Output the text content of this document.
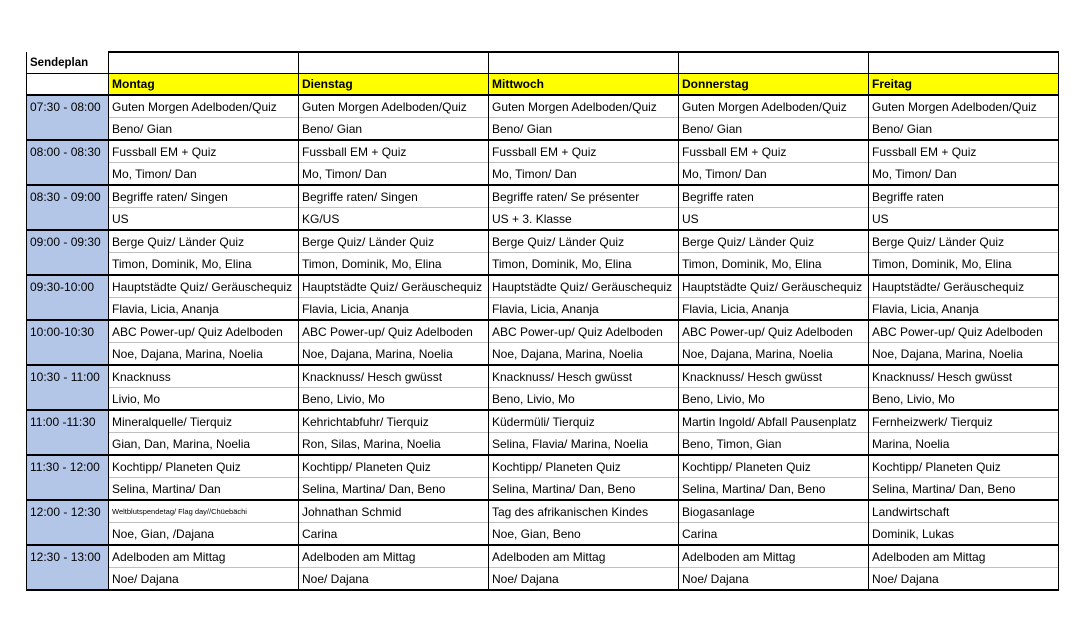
Sendeplan					
	Montag	Dienstag	Mittwoch	Donnerstag	Freitag
07:30 - 08:00	Guten Morgen Adelboden/Quiz	Guten Morgen Adelboden/Quiz	Guten Morgen Adelboden/Quiz	Guten Morgen Adelboden/Quiz	Guten Morgen Adelboden/Quiz
	Beno/ Gian	Beno/ Gian	Beno/ Gian	Beno/ Gian	Beno/ Gian
08:00 - 08:30	Fussball EM + Quiz	Fussball EM + Quiz	Fussball EM + Quiz	Fussball EM + Quiz	Fussball EM + Quiz
	Mo, Timon/ Dan	Mo, Timon/ Dan	Mo, Timon/ Dan	Mo, Timon/ Dan	Mo, Timon/ Dan
08:30 - 09:00	Begriffe raten/ Singen	Begriffe raten/ Singen	Begriffe raten/ Se présenter	Begriffe raten	Begriffe raten
	US	KG/US	US + 3. Klasse	US	US
09:00 - 09:30	Berge Quiz/ Länder Quiz	Berge Quiz/ Länder Quiz	Berge Quiz/ Länder Quiz	Berge Quiz/ Länder Quiz	Berge Quiz/ Länder Quiz
	Timon, Dominik, Mo, Elina	Timon, Dominik, Mo, Elina	Timon, Dominik, Mo, Elina	Timon, Dominik, Mo, Elina	Timon, Dominik, Mo, Elina
09:30-10:00	Hauptstädte Quiz/ Geräuschequiz	Hauptstädte Quiz/ Geräuschequiz	Hauptstädte Quiz/ Geräuschequiz	Hauptstädte Quiz/ Geräuschequiz	Hauptstädte/ Geräuschequiz
	Flavia, Licia, Ananja	Flavia, Licia, Ananja	Flavia, Licia, Ananja	Flavia, Licia, Ananja	Flavia, Licia, Ananja
10:00-10:30	ABC Power-up/ Quiz Adelboden	ABC Power-up/ Quiz Adelboden	ABC Power-up/ Quiz Adelboden	ABC Power-up/ Quiz Adelboden	ABC Power-up/ Quiz Adelboden
	Noe, Dajana, Marina, Noelia	Noe, Dajana, Marina, Noelia	Noe, Dajana, Marina, Noelia	Noe, Dajana, Marina, Noelia	Noe, Dajana, Marina, Noelia
10:30 - 11:00	Knacknuss	Knacknuss/ Hesch gwüsst	Knacknuss/ Hesch gwüsst	Knacknuss/ Hesch gwüsst	Knacknuss/ Hesch gwüsst
	Livio, Mo	Beno, Livio, Mo	Beno, Livio, Mo	Beno, Livio, Mo	Beno, Livio, Mo
11:00 -11:30	Mineralquelle/ Tierquiz	Kehrichtabfuhr/ Tierquiz	Küdermüli/ Tierquiz	Martin Ingold/ Abfall Pausenplatz	Fernheizwerk/ Tierquiz
	Gian, Dan, Marina, Noelia	Ron, Silas, Marina, Noelia	Selina, Flavia/ Marina, Noelia	Beno, Timon, Gian	Marina, Noelia
11:30 - 12:00	Kochtipp/ Planeten Quiz	Kochtipp/ Planeten Quiz	Kochtipp/ Planeten Quiz	Kochtipp/ Planeten Quiz	Kochtipp/ Planeten Quiz
	Selina, Martina/ Dan	Selina, Martina/ Dan, Beno	Selina, Martina/ Dan, Beno	Selina, Martina/ Dan, Beno	Selina, Martina/ Dan, Beno
12:00 - 12:30	Weltblutspendetag/ Flag day//Chüebächi	Johnathan Schmid	Tag des afrikanischen Kindes	Biogasanlage	Landwirtschaft
	Noe, Gian, /Dajana	Carina	Noe, Gian, Beno	Carina	Dominik, Lukas
12:30 - 13:00	Adelboden am Mittag	Adelboden am Mittag	Adelboden am Mittag	Adelboden am Mittag	Adelboden am Mittag
	Noe/ Dajana	Noe/ Dajana	Noe/ Dajana	Noe/ Dajana	Noe/ Dajana
